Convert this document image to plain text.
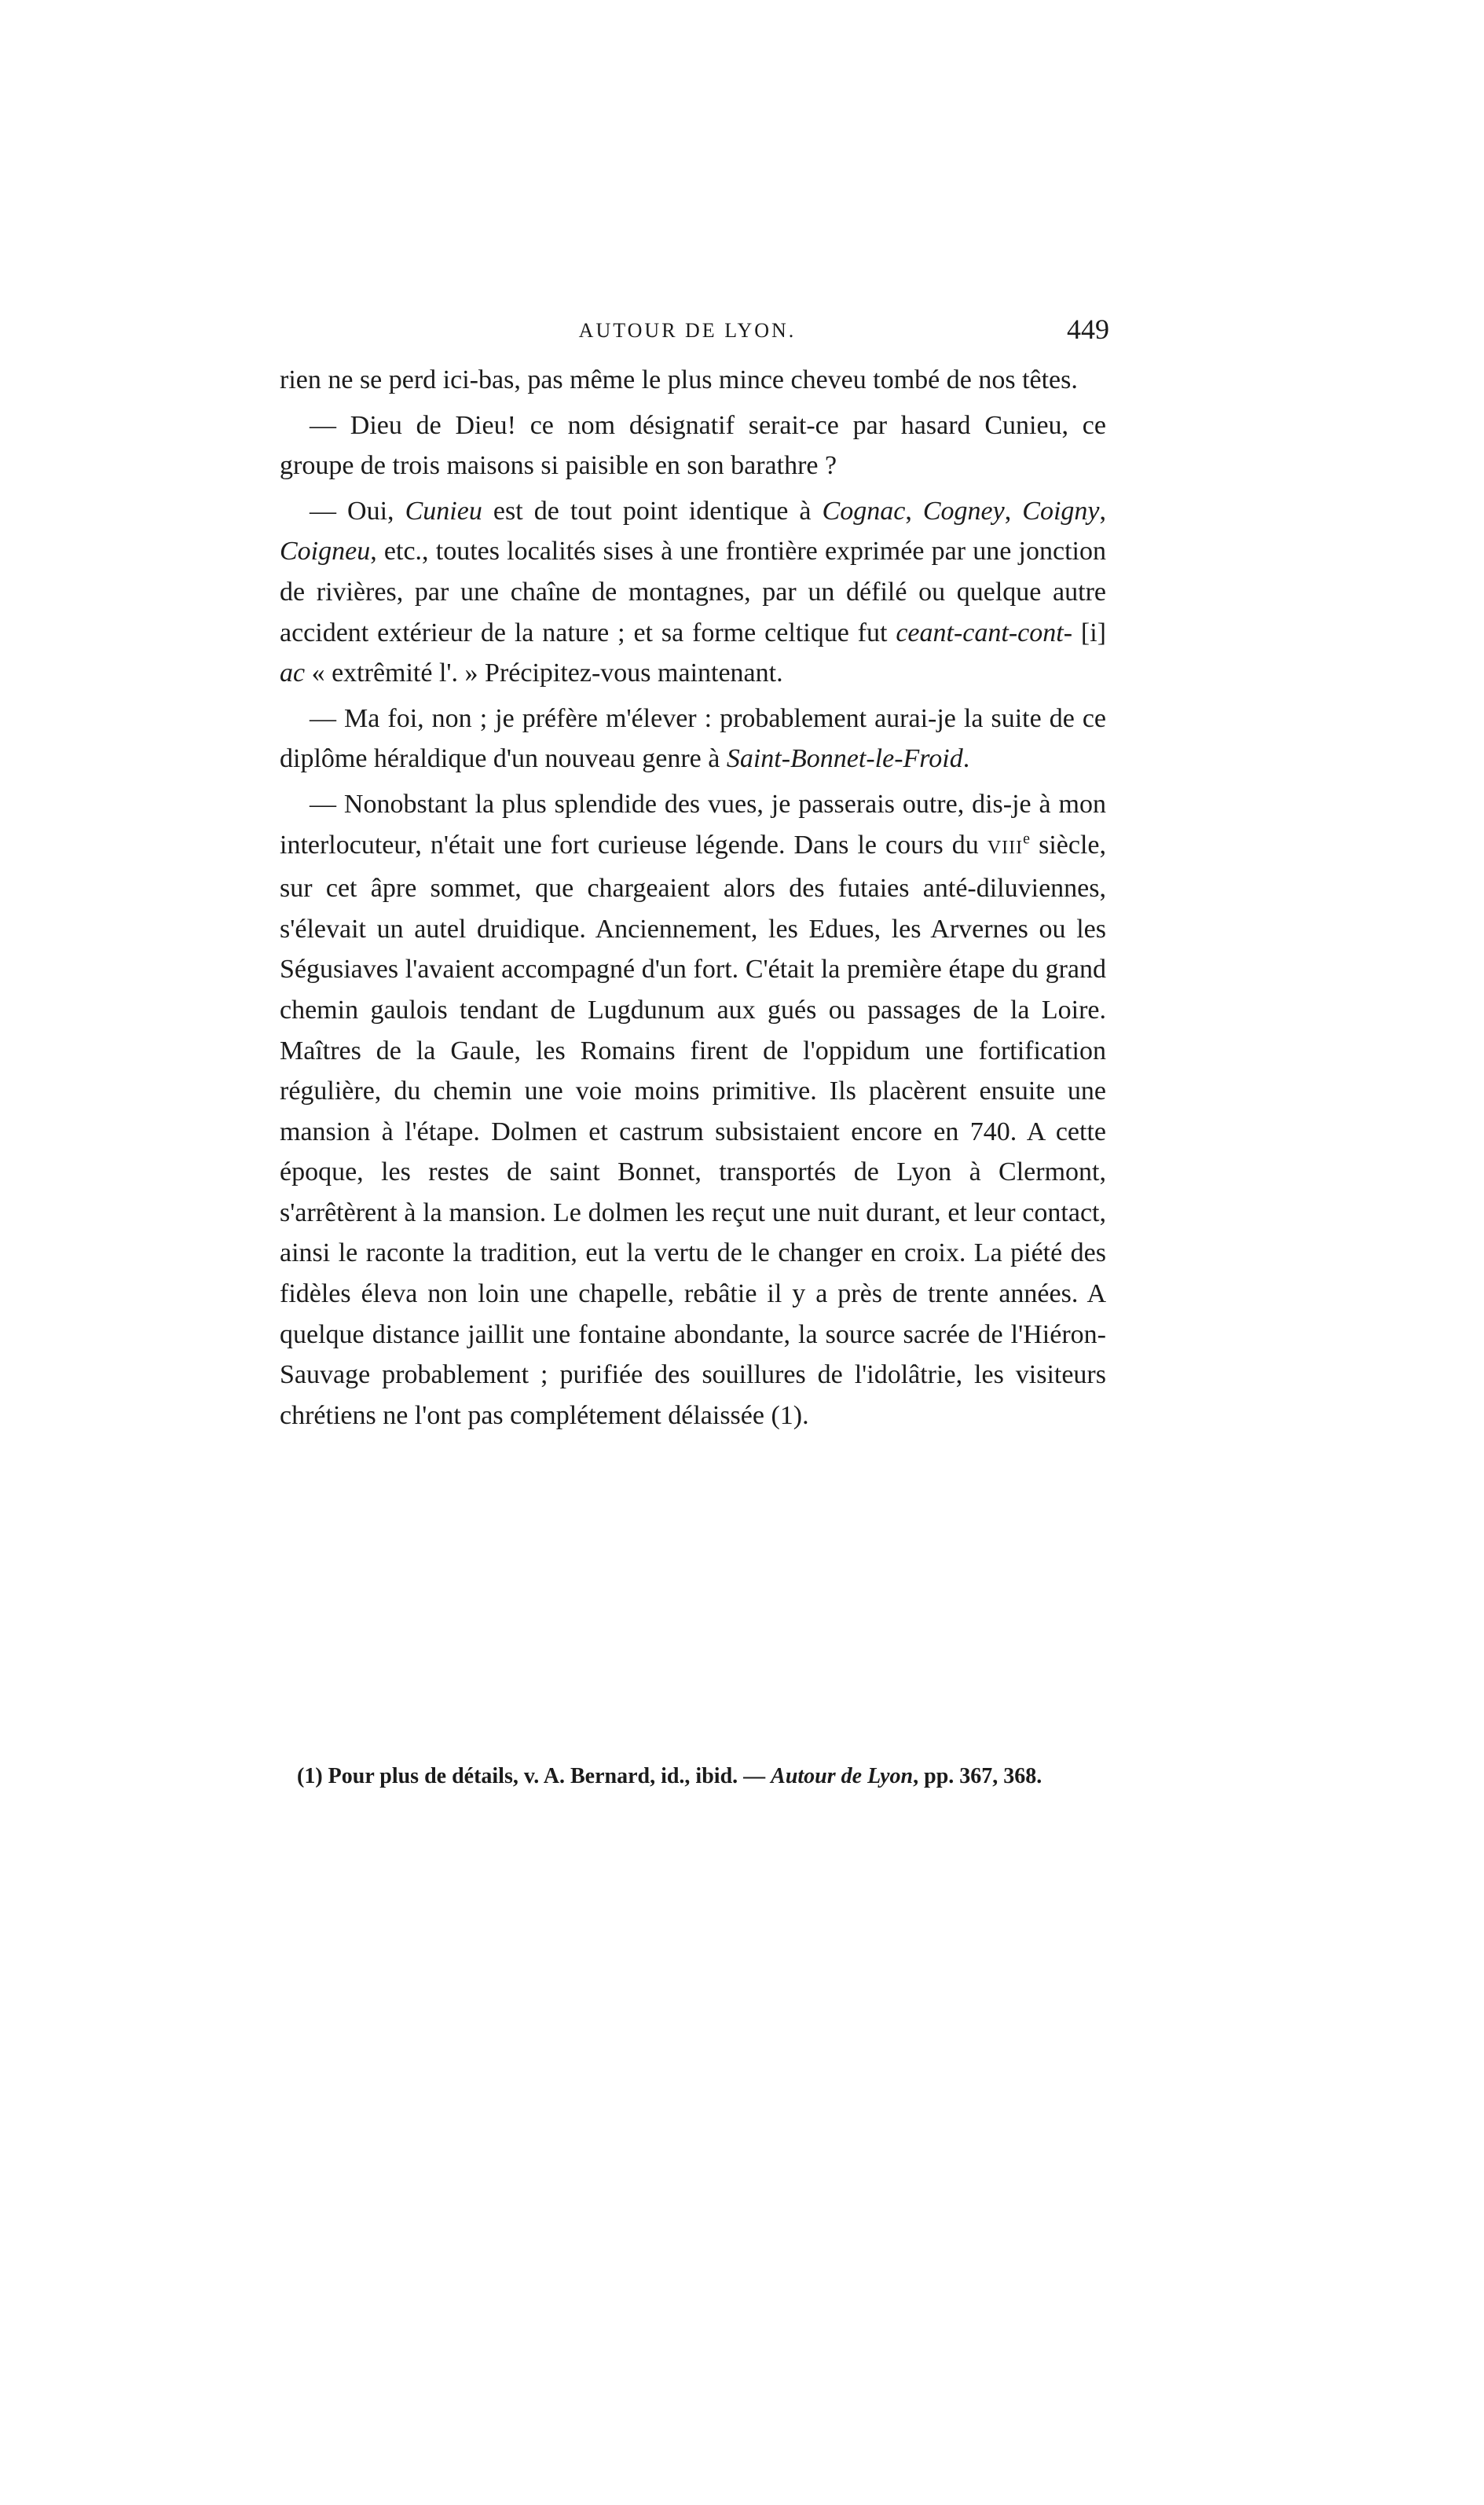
AUTOUR DE LYON.	449

rien ne se perd ici-bas, pas même le plus mince cheveu tombé de nos têtes.

— Dieu de Dieu! ce nom désignatif serait-ce par hasard Cunieu, ce groupe de trois maisons si paisible en son barathre ?

— Oui, Cunieu est de tout point identique à Cognac, Cogney, Coigny, Coigneu, etc., toutes localités sises à une frontière exprimée par une jonction de rivières, par une chaîne de montagnes, par un défilé ou quelque autre accident extérieur de la nature ; et sa forme celtique fut ceant-cant-cont- [i] ac « extrêmité l'. » Précipitez-vous maintenant.

— Ma foi, non ; je préfère m'élever : probablement aurai-je la suite de ce diplôme héraldique d'un nouveau genre à Saint-Bonnet-le-Froid.

— Nonobstant la plus splendide des vues, je passerais outre, dis-je à mon interlocuteur, n'était une fort curieuse légende. Dans le cours du VIIIe siècle, sur cet âpre sommet, que chargeaient alors des futaies anté-diluviennes, s'élevait un autel druidique. Anciennement, les Edues, les Arvernes ou les Ségusiaves l'avaient accompagné d'un fort. C'était la première étape du grand chemin gaulois tendant de Lugdunum aux gués ou passages de la Loire. Maîtres de la Gaule, les Romains firent de l'oppidum une fortification régulière, du chemin une voie moins primitive. Ils placèrent ensuite une mansion à l'étape. Dolmen et castrum subsistaient encore en 740. A cette époque, les restes de saint Bonnet, transportés de Lyon à Clermont, s'arrêtèrent à la mansion. Le dolmen les reçut une nuit durant, et leur contact, ainsi le raconte la tradition, eut la vertu de le changer en croix. La piété des fidèles éleva non loin une chapelle, rebâtie il y a près de trente années. A quelque distance jaillit une fontaine abondante, la source sacrée de l'Hiéron-Sauvage probablement ; purifiée des souillures de l'idolâtrie, les visiteurs chrétiens ne l'ont pas complétement délaissée (1).

(1) Pour plus de détails, v. A. Bernard, id., ibid. — Autour de Lyon, pp. 367, 368.
